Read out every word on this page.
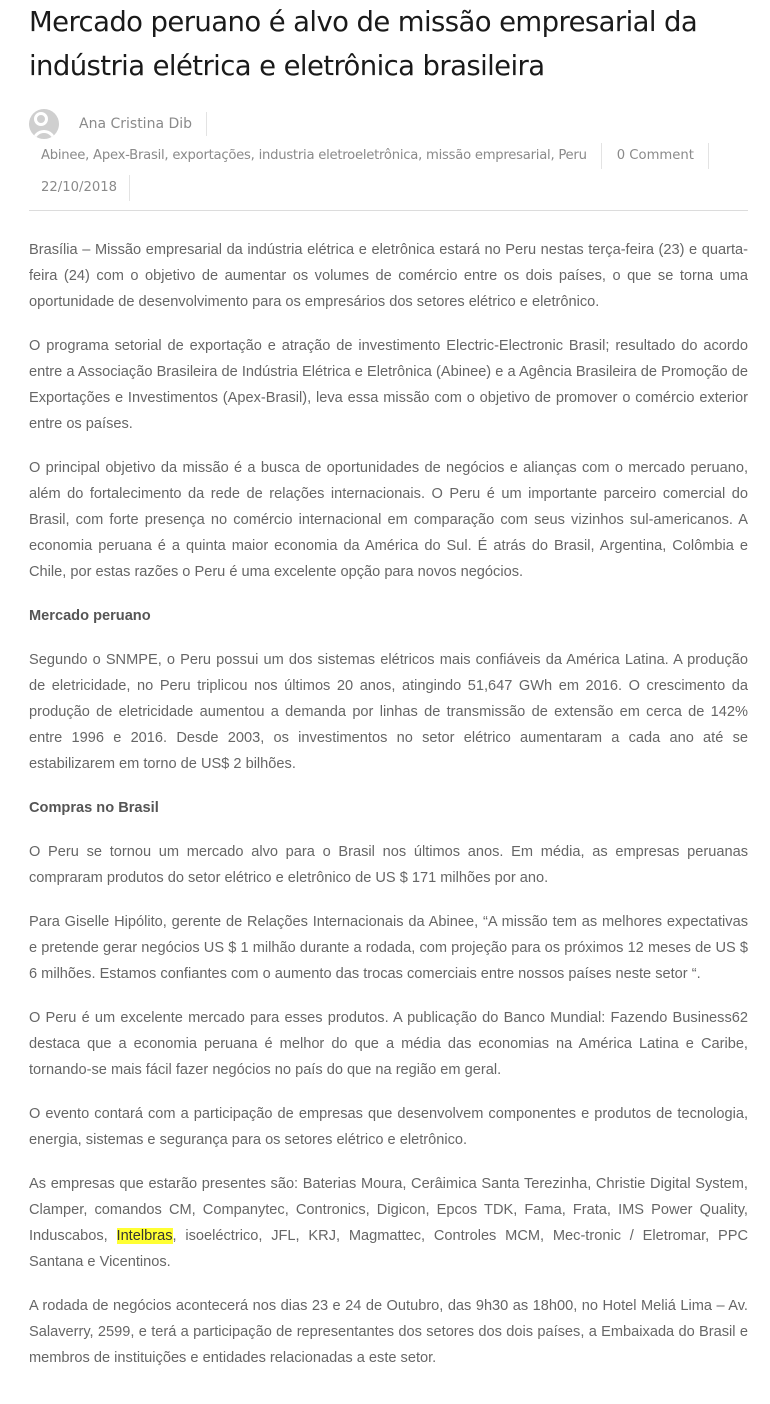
Mercado peruano é alvo de missão empresarial da indústria elétrica e eletrônica brasileira
Ana Cristina Dib
Abinee, Apex-Brasil, exportações, industria eletroeletrônica, missão empresarial, Peru	0 Comment
22/10/2018

Brasília – Missão empresarial da indústria elétrica e eletrônica estará no Peru nestas terça-feira (23) e quarta-feira (24) com o objetivo de aumentar os volumes de comércio entre os dois países, o que se torna uma oportunidade de desenvolvimento para os empresários dos setores elétrico e eletrônico.

O programa setorial de exportação e atração de investimento Electric-Electronic Brasil; resultado do acordo entre a Associação Brasileira de Indústria Elétrica e Eletrônica (Abinee) e a Agência Brasileira de Promoção de Exportações e Investimentos (Apex-Brasil), leva essa missão com o objetivo de promover o comércio exterior entre os países.

O principal objetivo da missão é a busca de oportunidades de negócios e alianças com o mercado peruano, além do fortalecimento da rede de relações internacionais. O Peru é um importante parceiro comercial do Brasil, com forte presença no comércio internacional em comparação com seus vizinhos sul-americanos. A economia peruana é a quinta maior economia da América do Sul. É atrás do Brasil, Argentina, Colômbia e Chile, por estas razões o Peru é uma excelente opção para novos negócios.

Mercado peruano

Segundo o SNMPE, o Peru possui um dos sistemas elétricos mais confiáveis da América Latina. A produção de eletricidade, no Peru triplicou nos últimos 20 anos, atingindo 51,647 GWh em 2016. O crescimento da produção de eletricidade aumentou a demanda por linhas de transmissão de extensão em cerca de 142% entre 1996 e 2016. Desde 2003, os investimentos no setor elétrico aumentaram a cada ano até se estabilizarem em torno de US$ 2 bilhões.

Compras no Brasil

O Peru se tornou um mercado alvo para o Brasil nos últimos anos. Em média, as empresas peruanas compraram produtos do setor elétrico e eletrônico de US $ 171 milhões por ano.

Para Giselle Hipólito, gerente de Relações Internacionais da Abinee, “A missão tem as melhores expectativas e pretende gerar negócios US $ 1 milhão durante a rodada, com projeção para os próximos 12 meses de US $ 6 milhões. Estamos confiantes com o aumento das trocas comerciais entre nossos países neste setor “.

O Peru é um excelente mercado para esses produtos. A publicação do Banco Mundial: Fazendo Business62 destaca que a economia peruana é melhor do que a média das economias na América Latina e Caribe, tornando-se mais fácil fazer negócios no país do que na região em geral.

O evento contará com a participação de empresas que desenvolvem componentes e produtos de tecnologia, energia, sistemas e segurança para os setores elétrico e eletrônico.

As empresas que estarão presentes são: Baterias Moura, Cerâimica Santa Terezinha, Christie Digital System, Clamper, comandos CM, Companytec, Contronics, Digicon, Epcos TDK, Fama, Frata, IMS Power Quality, Induscabos, Intelbras, isoeléctrico, JFL, KRJ, Magmattec, Controles MCM, Mec-tronic / Eletromar, PPC Santana e Vicentinos.

A rodada de negócios acontecerá nos dias 23 e 24 de Outubro, das 9h30 as 18h00, no Hotel Meliá Lima – Av. Salaverry, 2599, e terá a participação de representantes dos setores dos dois países, a Embaixada do Brasil e membros de instituições e entidades relacionadas a este setor.
